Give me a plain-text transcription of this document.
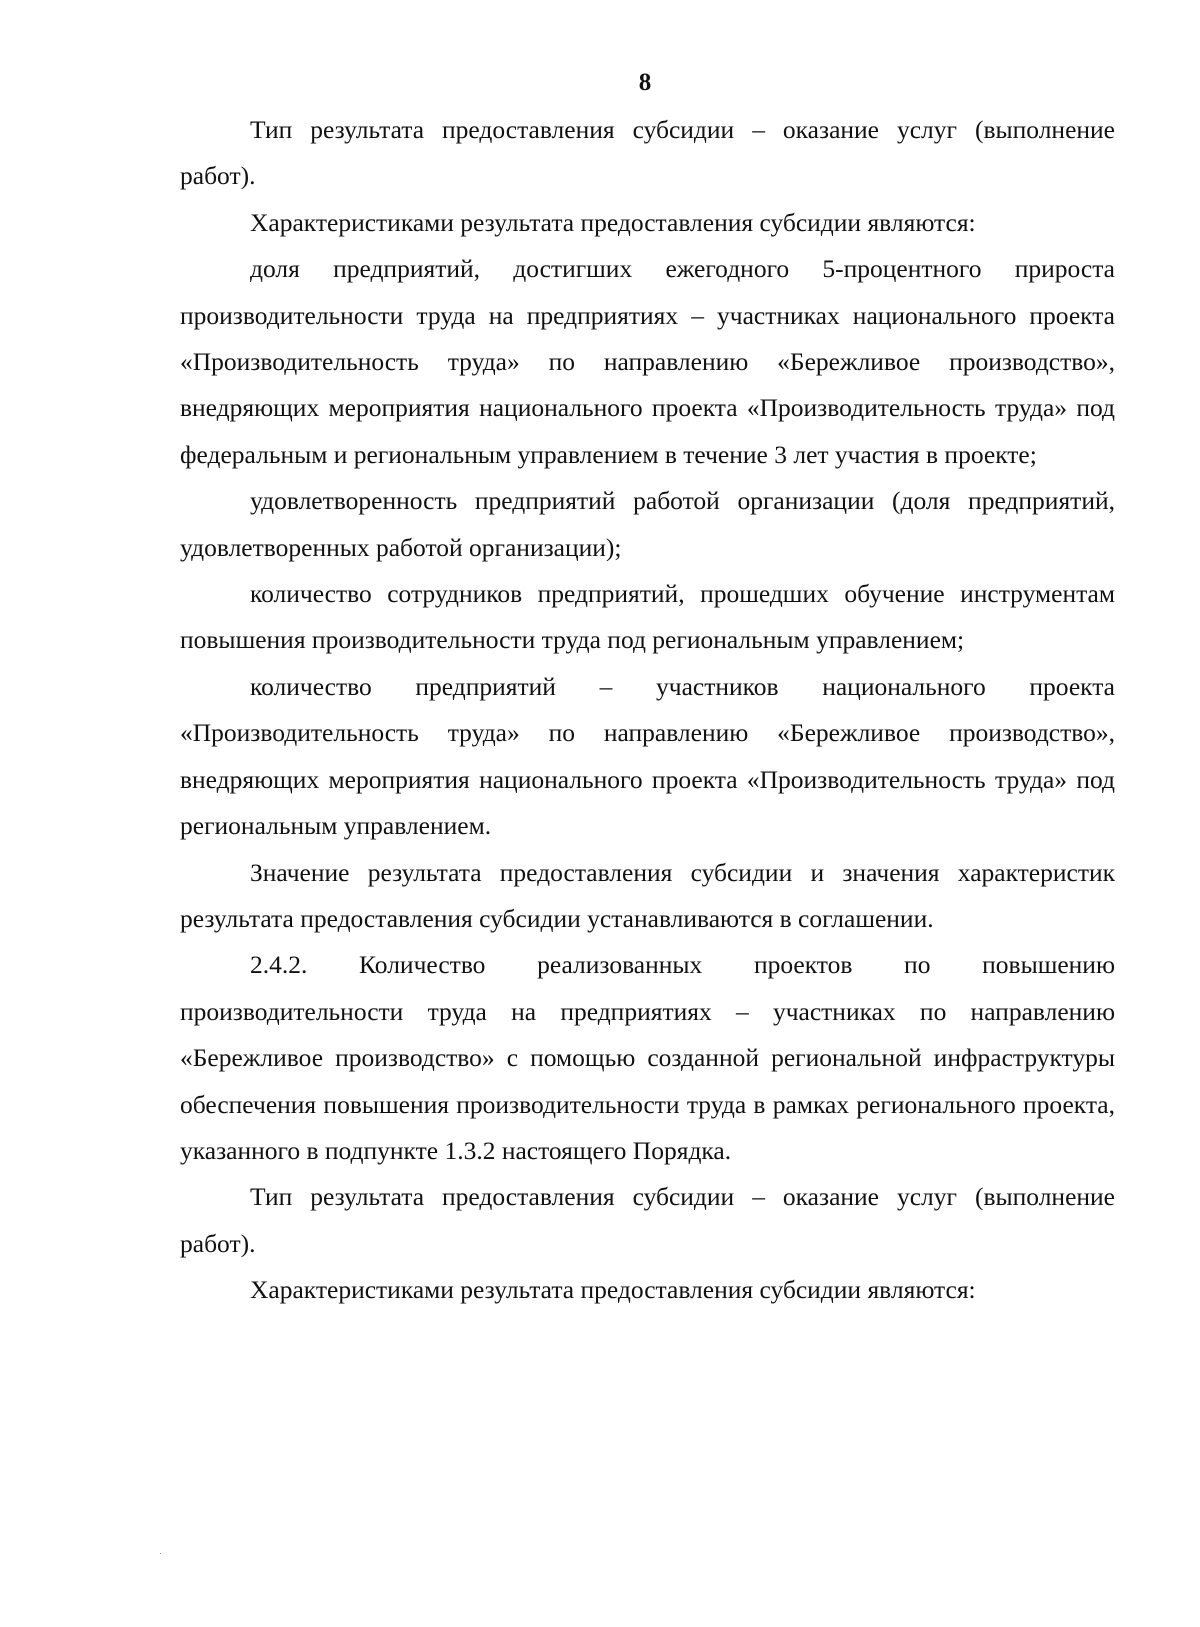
8

Тип результата предоставления субсидии – оказание услуг (выполнение работ).

Характеристиками результата предоставления субсидии являются:

доля предприятий, достигших ежегодного 5-процентного прироста производительности труда на предприятиях – участниках национального проекта «Производительность труда» по направлению «Бережливое производство», внедряющих мероприятия национального проекта «Производительность труда» под федеральным и региональным управлением в течение 3 лет участия в проекте;

удовлетворенность предприятий работой организации (доля предприятий, удовлетворенных работой организации);

количество сотрудников предприятий, прошедших обучение инструментам повышения производительности труда под региональным управлением;

количество предприятий – участников национального проекта «Производительность труда» по направлению «Бережливое производство», внедряющих мероприятия национального проекта «Производительность труда» под региональным управлением.

Значение результата предоставления субсидии и значения характеристик результата предоставления субсидии устанавливаются в соглашении.

2.4.2. Количество реализованных проектов по повышению производительности труда на предприятиях – участниках по направлению «Бережливое производство» с помощью созданной региональной инфраструктуры обеспечения повышения производительности труда в рамках регионального проекта, указанного в подпункте 1.3.2 настоящего Порядка.

Тип результата предоставления субсидии – оказание услуг (выполнение работ).

Характеристиками результата предоставления субсидии являются:
